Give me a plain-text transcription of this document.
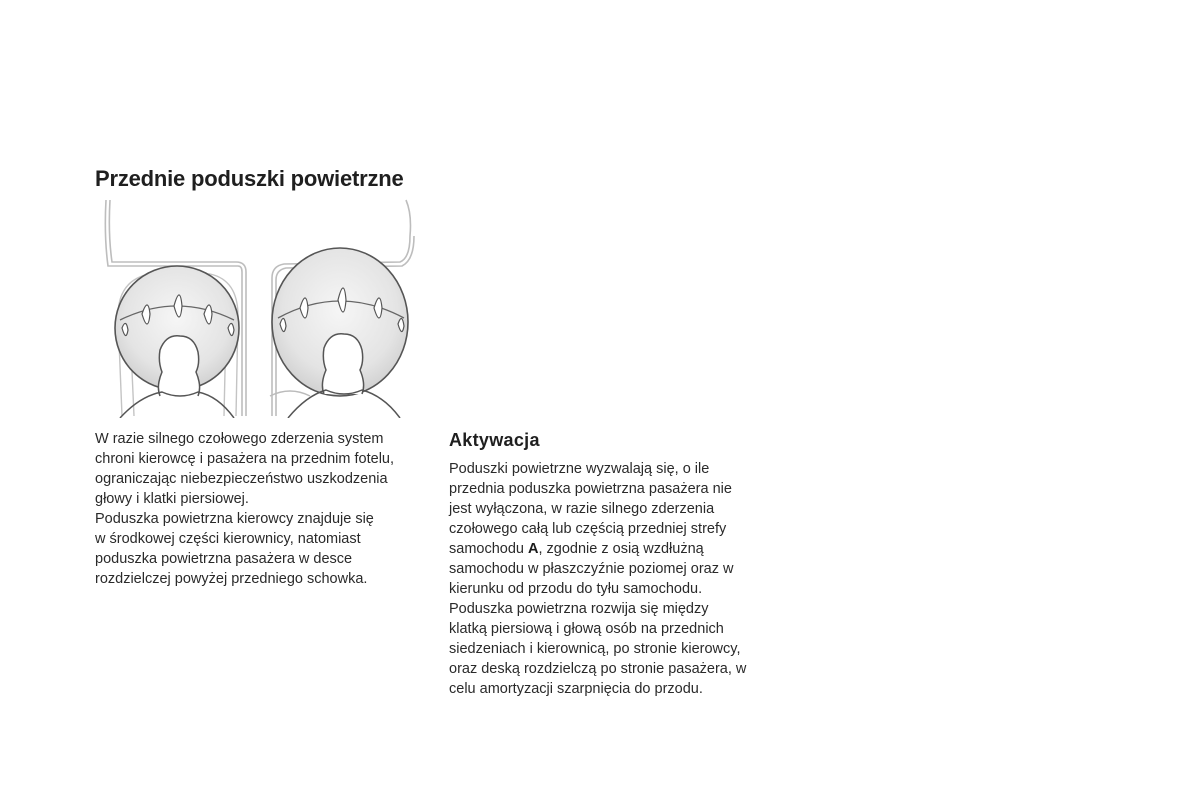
Przednie poduszki powietrzne

W razie silnego czołowego zderzenia system
chroni kierowcę i pasażera na przednim fotelu,
ograniczając niebezpieczeństwo uszkodzenia
głowy i klatki piersiowej.

Poduszka powietrzna kierowcy znajduje się
w środkowej części kierownicy, natomiast
poduszka powietrzna pasażera w desce
rozdzielczej powyżej przedniego schowka.

Aktywacja

Poduszki powietrzne wyzwalają się, o ile
przednia poduszka powietrzna pasażera nie
jest wyłączona, w razie silnego zderzenia
czołowego całą lub częścią przedniej strefy
samochodu A, zgodnie z osią wzdłużną
samochodu w płaszczyźnie poziomej oraz w
kierunku od przodu do tyłu samochodu.

Poduszka powietrzna rozwija się między
klatką piersiową i głową osób na przednich
siedzeniach i kierownicą, po stronie kierowcy,
oraz deską rozdzielczą po stronie pasażera, w
celu amortyzacji szarpnięcia do przodu.
